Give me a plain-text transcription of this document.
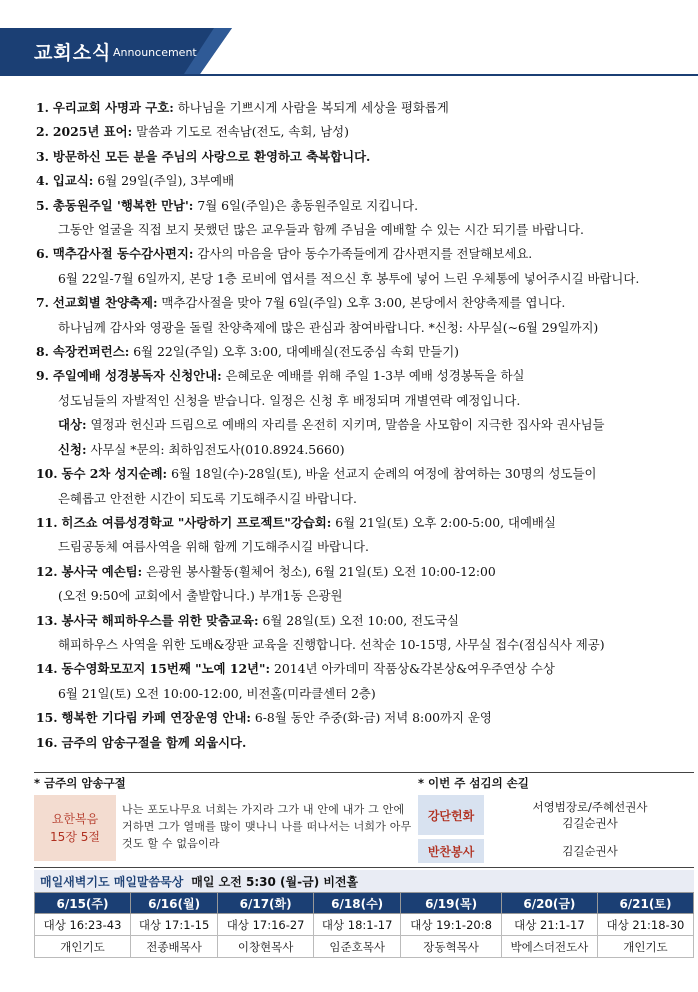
교회소식 Announcement
1. 우리교회 사명과 구호: 하나님을 기쁘시게 사람을 복되게 세상을 평화롭게
2. 2025년 표어: 말씀과 기도로 전속남(전도, 속회, 남성)
3. 방문하신 모든 분을 주님의 사랑으로 환영하고 축복합니다.
4. 입교식: 6월 29일(주일), 3부예배
5. 총동원주일 '행복한 만남': 7월 6일(주일)은 총동원주일로 지킵니다.
그동안 얼굴을 직접 보지 못했던 많은 교우들과 함께 주님을 예배할 수 있는 시간 되기를 바랍니다.
6. 맥추감사절 동수감사편지: 감사의 마음을 담아 동수가족들에게 감사편지를 전달해보세요.
6월 22일-7월 6일까지, 본당 1층 로비에 엽서를 적으신 후 봉투에 넣어 느린 우체통에 넣어주시길 바랍니다.
7. 선교회별 찬양축제: 맥추감사절을 맞아 7월 6일(주일) 오후 3:00, 본당에서 찬양축제를 엽니다.
하나님께 감사와 영광을 돌릴 찬양축제에 많은 관심과 참여바랍니다. *신청: 사무실(~6월 29일까지)
8. 속장컨퍼런스: 6월 22일(주일) 오후 3:00, 대예배실(전도중심 속회 만들기)
9. 주일예배 성경봉독자 신청안내: 은혜로운 예배를 위해 주일 1-3부 예배 성경봉독을 하실
성도님들의 자발적인 신청을 받습니다. 일정은 신청 후 배정되며 개별연락 예정입니다.
대상: 열정과 헌신과 드림으로 예배의 자리를 온전히 지키며, 말씀을 사모함이 지극한 집사와 권사님들
신청: 사무실 *문의: 최하임전도사(010.8924.5660)
10. 동수 2차 성지순례: 6월 18일(수)-28일(토), 바울 선교지 순례의 여정에 참여하는 30명의 성도들이
은혜롭고 안전한 시간이 되도록 기도해주시길 바랍니다.
11. 히즈쇼 여름성경학교 "사랑하기 프로젝트"강습회: 6월 21일(토) 오후 2:00-5:00, 대예배실
드림공동체 여름사역을 위해 함께 기도해주시길 바랍니다.
12. 봉사국 예손팀: 은광원 봉사활동(휠체어 청소), 6월 21일(토) 오전 10:00-12:00
(오전 9:50에 교회에서 출발합니다.) 부개1동 은광원
13. 봉사국 해피하우스를 위한 맞춤교육: 6월 28일(토) 오전 10:00, 전도국실
해피하우스 사역을 위한 도배&장판 교육을 진행합니다. 선착순 10-15명, 사무실 접수(점심식사 제공)
14. 동수영화모꼬지 15번째 "노예 12년": 2014년 아카데미 작품상&각본상&여우주연상 수상
6월 21일(토) 오전 10:00-12:00, 비전홀(미라클센터 2층)
15. 행복한 기다림 카페 연장운영 안내: 6-8월 동안 주중(화-금) 저녁 8:00까지 운영
16. 금주의 암송구절을 함께 외웁시다.
* 금주의 암송구절	* 이번 주 섬김의 손길
요한복음
15장 5절
나는 포도나무요 너희는 가지라 그가 내 안에 내가 그 안에 거하면 그가 열매를 많이 맺나니 나를 떠나서는 너희가 아무것도 할 수 없음이라
강단헌화
서영범장로/주혜선권사
김길순권사
반찬봉사	김길순권사
매일새벽기도 매일말씀묵상 매일 오전 5:30 (월-금) 비전홀
6/15(주)	6/16(월)	6/17(화)	6/18(수)	6/19(목)	6/20(금)	6/21(토)
대상 16:23-43	대상 17:1-15	대상 17:16-27	대상 18:1-17	대상 19:1-20:8	대상 21:1-17	대상 21:18-30
개인기도	전종배목사	이창현목사	임준호목사	장동혁목사	박에스더전도사	개인기도
